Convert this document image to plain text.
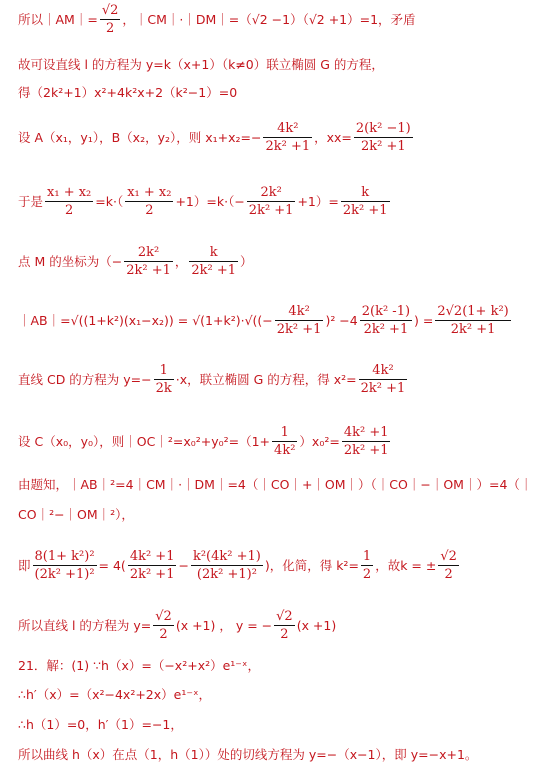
所以｜AM｜= $\frac{√2}{2}$ ，｜CM｜·｜DM｜=（√2 −1）（√2 +1）=1，矛盾
故可设直线 l 的方程为 y=k（x+1）（k≠0）联立椭圆 G 的方程，
得（2k²+1）x²+4k²x+2（k²−1）=0
设 A（x₁，y₁），B（x₂，y₂），则 $x_1+x_2=- \frac{\text{4k²}}{\text{2k² +1}}$ ，$xx= \frac{\text{2(k² −1)}}{\text{2k² +1}}$
于是 $\frac{\text{x₁ + x₂}}{2} =k\cdot( \frac{\text{x₁ + x₂}}{2} +1)=k\cdot(- \frac{\text{2k²}}{\text{2k² +1}} +1)= \frac{k}{\text{2k² +1}}$
点 M 的坐标为（− $\frac{\text{2k²}}{\text{2k² +1}}$ ， $\frac{k}{\text{2k² +1}}$ ）
｜AB｜=√((1+k²)(x₁−x₂)) = $√(1+k^2)\cdot√((- \frac{\text{4k²}}{\text{2k² +1}} )^2 -4 \frac{\text{2(k² -1)}}{\text{2k² +1}}$ ) = $\frac{\text{2√2(1+ k²)}}{\text{2k² +1}}$
直线 CD 的方程为 $y=- \frac{1}{2k} \cdot x$，联立椭圆 G 的方程，得 $x^2= \frac{\text{4k²}}{\text{2k² +1}}$
设 C（x₀，y₀），则｜OC｜²=x₀²+y₀²=（1+ $\frac{1}{\text{4k²}} )x_0^2= \frac{\text{4k² +1}}{\text{2k² +1}}$
由题知，｜AB｜²=4｜CM｜·｜DM｜=4（｜CO｜+｜OM｜）（｜CO｜−｜OM｜）=4（｜
CO｜²−｜OM｜²），
即 $\frac{\text{8(1+ k²)²}}{\text{(2k² +1)²}} = 4( \frac{\text{4k² +1}}{\text{2k² +1}} - \frac{\text{k²(4k² +1)}}{\text{(2k² +1)²}}$ )，化简，得 $k^2= \frac{1}{2}$ ，故k = ± $\frac{√2}{2}$
所以直线 l 的方程为 $y= \frac{√2}{2} (x +1)$ ， y = − $\frac{√2}{2} (x +1)$
21．解：(1) ∵h（x）=（−x²+x²）e¹⁻ˣ，
∴h′（x）=（x²−4x²+2x）e¹⁻ˣ，
∴h（1）=0，h′（1）=−1，
所以曲线 h（x）在点（1，h（1））处的切线方程为 y=−（x−1），即 y=−x+1。
